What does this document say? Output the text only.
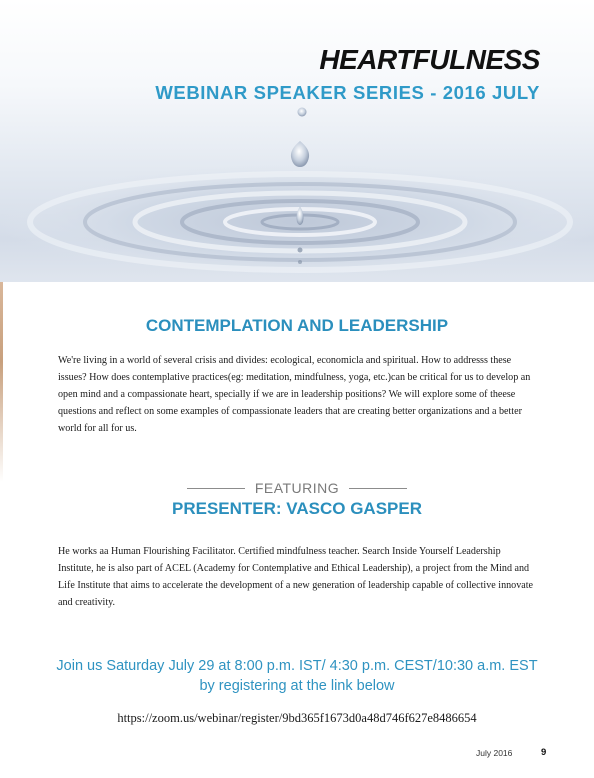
HEARTFULNESS
WEBINAR SPEAKER SERIES - 2016 JULY
CONTEMPLATION AND LEADERSHIP

We're living in a world of several crisis and divides: ecological, economicla and spiritual. How to addresss these issues? How does contemplative practices(eg: meditation, mindfulness, yoga, etc.)can be critical for us to develop an open mind and a compassionate heart, specially if we are in leadership positions? We will explore some of theese questions and reflect on some examples of compassionate leaders that are creating better organizations and a better world for all for us.

FEATURING
PRESENTER: VASCO GASPER

He works aa Human Flourishing Facilitator. Certified mindfulness teacher. Search Inside Yourself Leadership Institute, he is also part of ACEL (Academy for Contemplative and Ethical Leadership), a project from the Mind and Life Institute that aims to accelerate the development of a new generation of leadership capable of collective innovate and creativity.

Join us Saturday July 29 at 8:00 p.m. IST/ 4:30 p.m. CEST/10:30 a.m. EST

by registering at the link below

https://zoom.us/webinar/register/9bd365f1673d0a48d746f627e8486654

July 2016	9
